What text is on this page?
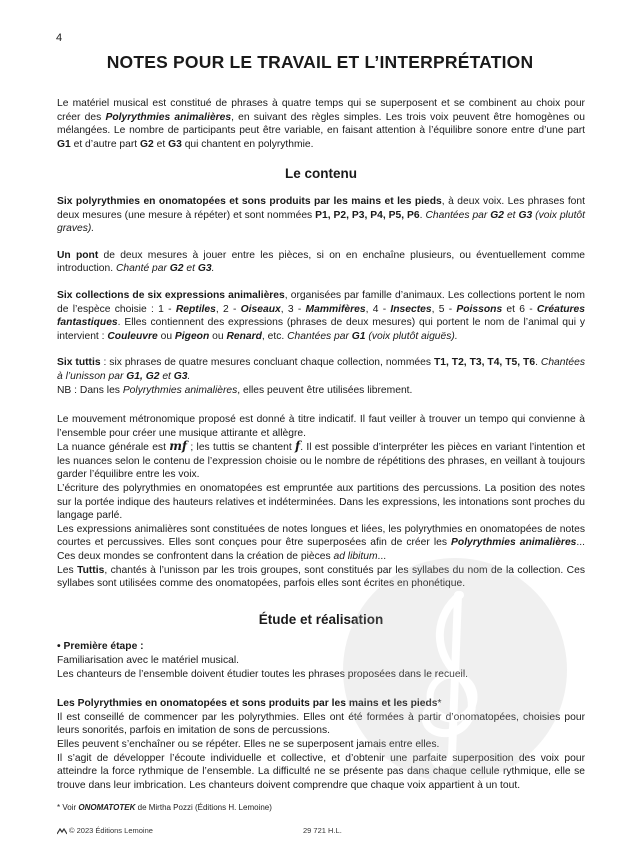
4
NOTES POUR LE TRAVAIL ET L’INTERPRÉTATION

Le matériel musical est constitué de phrases à quatre temps qui se superposent et se combinent au choix pour créer des Polyrythmies animalières, en suivant des règles simples. Les trois voix peuvent être homogènes ou mélangées. Le nombre de participants peut être variable, en faisant attention à l’équilibre sonore entre d’une part G1 et d’autre part G2 et G3 qui chantent en polyrythmie.

Le contenu

Six polyrythmies en onomatopées et sons produits par les mains et les pieds, à deux voix. Les phrases font deux mesures (une mesure à répéter) et sont nommées P1, P2, P3, P4, P5, P6. Chantées par G2 et G3 (voix plutôt graves).

Un pont de deux mesures à jouer entre les pièces, si on en enchaîne plusieurs, ou éventuellement comme introduction. Chanté par G2 et G3.

Six collections de six expressions animalières, organisées par famille d’animaux. Les collections portent le nom de l’espèce choisie : 1 - Reptiles, 2 - Oiseaux, 3 - Mammifères, 4 - Insectes, 5 - Poissons et 6 - Créatures fantastiques. Elles contiennent des expressions (phrases de deux mesures) qui portent le nom de l’animal qui y intervient : Couleuvre ou Pigeon ou Renard, etc. Chantées par G1 (voix plutôt aiguës).

Six tuttis : six phrases de quatre mesures concluant chaque collection, nommées T1, T2, T3, T4, T5, T6. Chantées à l’unisson par G1, G2 et G3.

NB : Dans les Polyrythmies animalières, elles peuvent être utilisées librement.

Le mouvement métronomique proposé est donné à titre indicatif. Il faut veiller à trouver un tempo qui convienne à l’ensemble pour créer une musique attirante et allègre.

La nuance générale est mf ; les tuttis se chantent f. Il est possible d’interpréter les pièces en variant l’intention et les nuances selon le contenu de l’expression choisie ou le nombre de répétitions des phrases, en veillant à toujours garder l’équilibre entre les voix.

L’écriture des polyrythmies en onomatopées est empruntée aux partitions des percussions. La position des notes sur la portée indique des hauteurs relatives et indéterminées. Dans les expressions, les intonations sont proches du langage parlé.

Les expressions animalières sont constituées de notes longues et liées, les polyrythmies en onomatopées de notes courtes et percussives. Elles sont conçues pour être superposées afin de créer les Polyrythmies animalières... Ces deux mondes se confrontent dans la création de pièces ad libitum...

Les Tuttis, chantés à l’unisson par les trois groupes, sont constitués par les syllabes du nom de la collection. Ces syllabes sont utilisées comme des onomatopées, parfois elles sont écrites en phonétique.

Étude et réalisation

• Première étape :
Familiarisation avec le matériel musical.
Les chanteurs de l’ensemble doivent étudier toutes les phrases proposées dans le recueil.

Les Polyrythmies en onomatopées et sons produits par les mains et les pieds*
Il est conseillé de commencer par les polyrythmies. Elles ont été formées à partir d’onomatopées, choisies pour leurs sonorités, parfois en imitation de sons de percussions.
Elles peuvent s’enchaîner ou se répéter. Elles ne se superposent jamais entre elles.
Il s’agit de développer l’écoute individuelle et collective, et d’obtenir une parfaite superposition des voix pour atteindre la force rythmique de l’ensemble. La difficulté ne se présente pas dans chaque cellule rythmique, elle se trouve dans leur imbrication. Les chanteurs doivent comprendre que chaque voix appartient à un tout.

* Voir ONOMATOTEK de Mirtha Pozzi (Éditions H. Lemoine)
© 2023 Éditions Lemoine	29 721 H.L.
